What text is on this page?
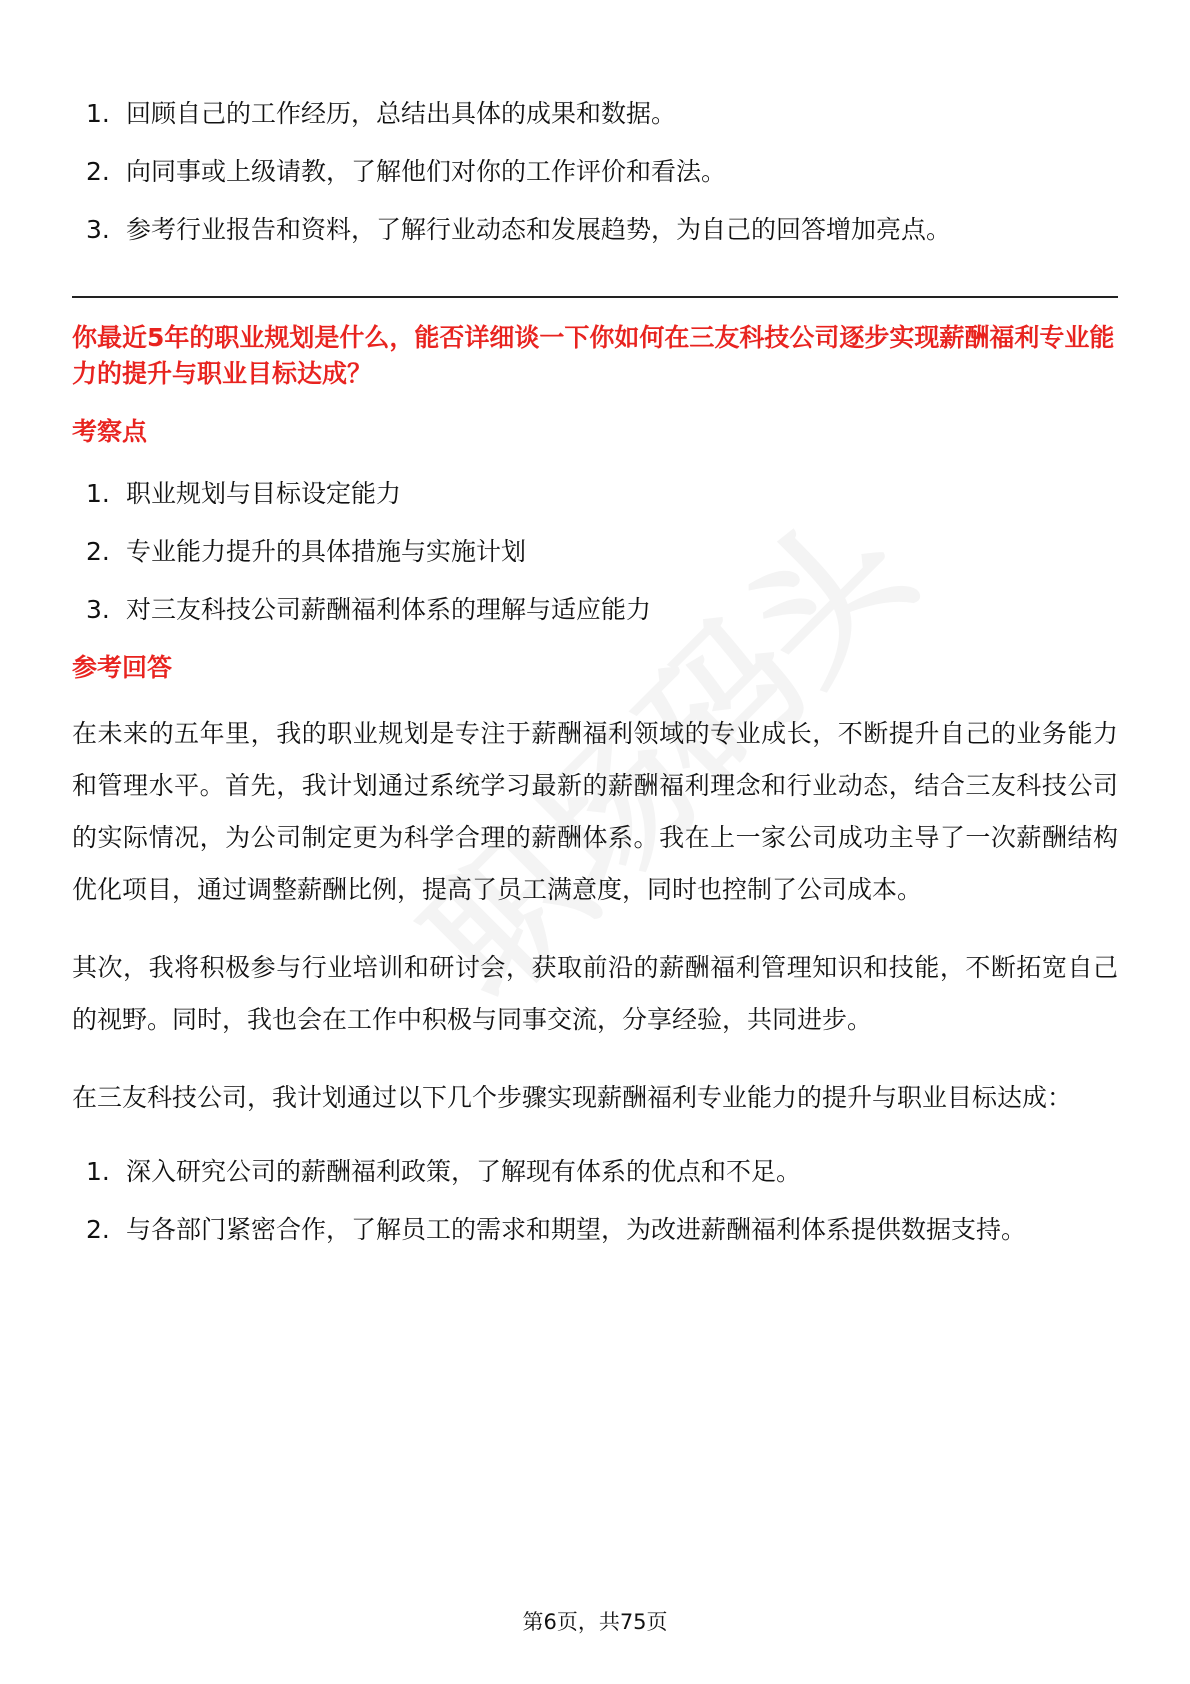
1. 回顾自己的工作经历，总结出具体的成果和数据。
2. 向同事或上级请教，了解他们对你的工作评价和看法。
3. 参考行业报告和资料，了解行业动态和发展趋势，为自己的回答增加亮点。
你最近5年的职业规划是什么，能否详细谈一下你如何在三友科技公司逐步实现薪酬福利专业能力的提升与职业目标达成？
考察点
1. 职业规划与目标设定能力
2. 专业能力提升的具体措施与实施计划
3. 对三友科技公司薪酬福利体系的理解与适应能力
参考回答

在未来的五年里，我的职业规划是专注于薪酬福利领域的专业成长，不断提升自己的业务能力和管理水平。首先，我计划通过系统学习最新的薪酬福利理念和行业动态，结合三友科技公司的实际情况，为公司制定更为科学合理的薪酬体系。我在上一家公司成功主导了一次薪酬结构优化项目，通过调整薪酬比例，提高了员工满意度，同时也控制了公司成本。

其次，我将积极参与行业培训和研讨会，获取前沿的薪酬福利管理知识和技能，不断拓宽自己的视野。同时，我也会在工作中积极与同事交流，分享经验，共同进步。

在三友科技公司，我计划通过以下几个步骤实现薪酬福利专业能力的提升与职业目标达成：

1. 深入研究公司的薪酬福利政策，了解现有体系的优点和不足。
2. 与各部门紧密合作，了解员工的需求和期望，为改进薪酬福利体系提供数据支持。
第6页，共75页
